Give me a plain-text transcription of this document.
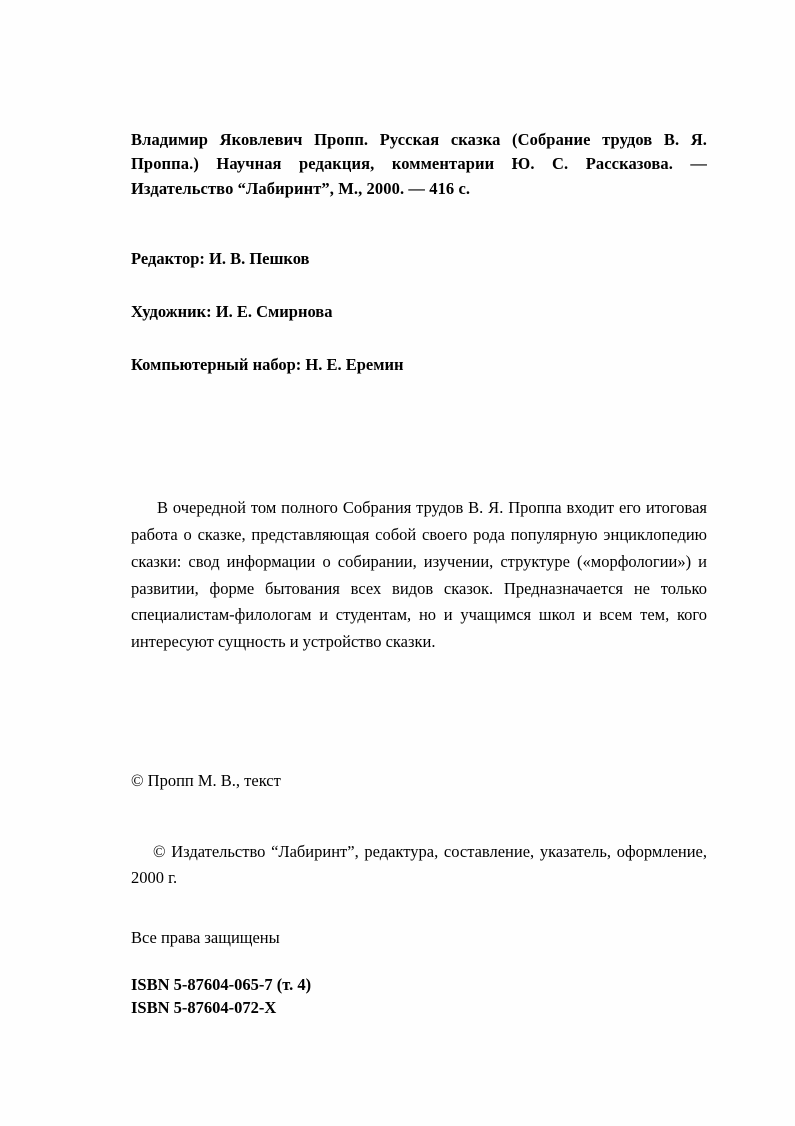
Владимир Яковлевич Пропп. Русская сказка (Собрание трудов В. Я. Проппа.) Научная редакция, комментарии Ю. С. Рассказова. — Издательство “Лабиринт”, М., 2000. — 416 с.
Редактор: И. В. Пешков
Художник: И. Е. Смирнова
Компьютерный набор: Н. Е. Еремин
В очередной том полного Собрания трудов В. Я. Проппа входит его итоговая работа о сказке, представляющая собой своего рода популярную энциклопедию сказки: свод информации о собирании, изучении, структуре («морфологии») и развитии, форме бытования всех видов сказок. Предназначается не только специалистам-филологам и студентам, но и учащимся школ и всем тем, кого интересуют сущность и устройство сказки.
© Пропп М. В., текст
© Издательство “Лабиринт”, редактура, составление, указатель, оформление, 2000 г.
Все права защищены
ISBN 5-87604-065-7 (т. 4)
ISBN 5-87604-072-X
